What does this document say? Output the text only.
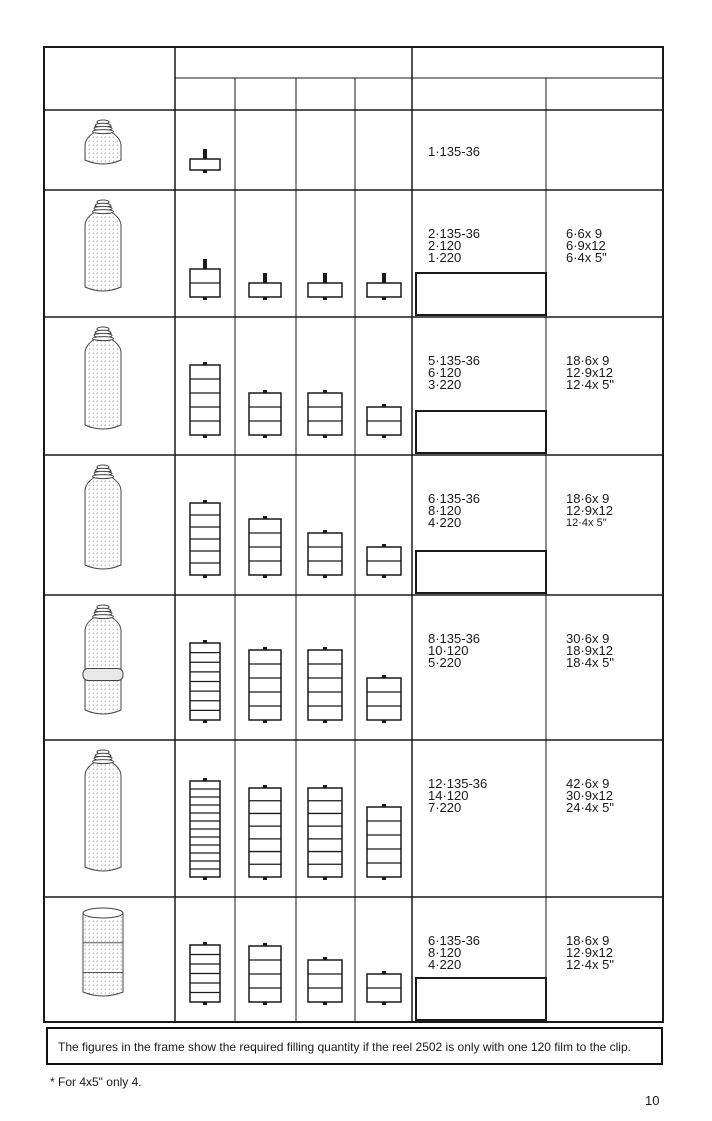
1·135-36
2·135-36
2·120
1·220
6·6x 9
6·9x12
6·4x 5"
5·135-36
6·120
3·220
18·6x 9
12·9x12
12·4x 5"
6·135-36
8·120
4·220
18·6x 9
12·9x12
12·4x 5"
8·135-36
10·120
5·220
30·6x 9
18·9x12
18·4x 5"
12·135-36
14·120
7·220
42·6x 9
30·9x12
24·4x 5"
6·135-36
8·120
4·220
18·6x 9
12·9x12
12·4x 5"
The figures in the frame show the required filling quantity if the reel 2502 is only with one 120 film to the clip.
* For 4x5" only 4.
10
